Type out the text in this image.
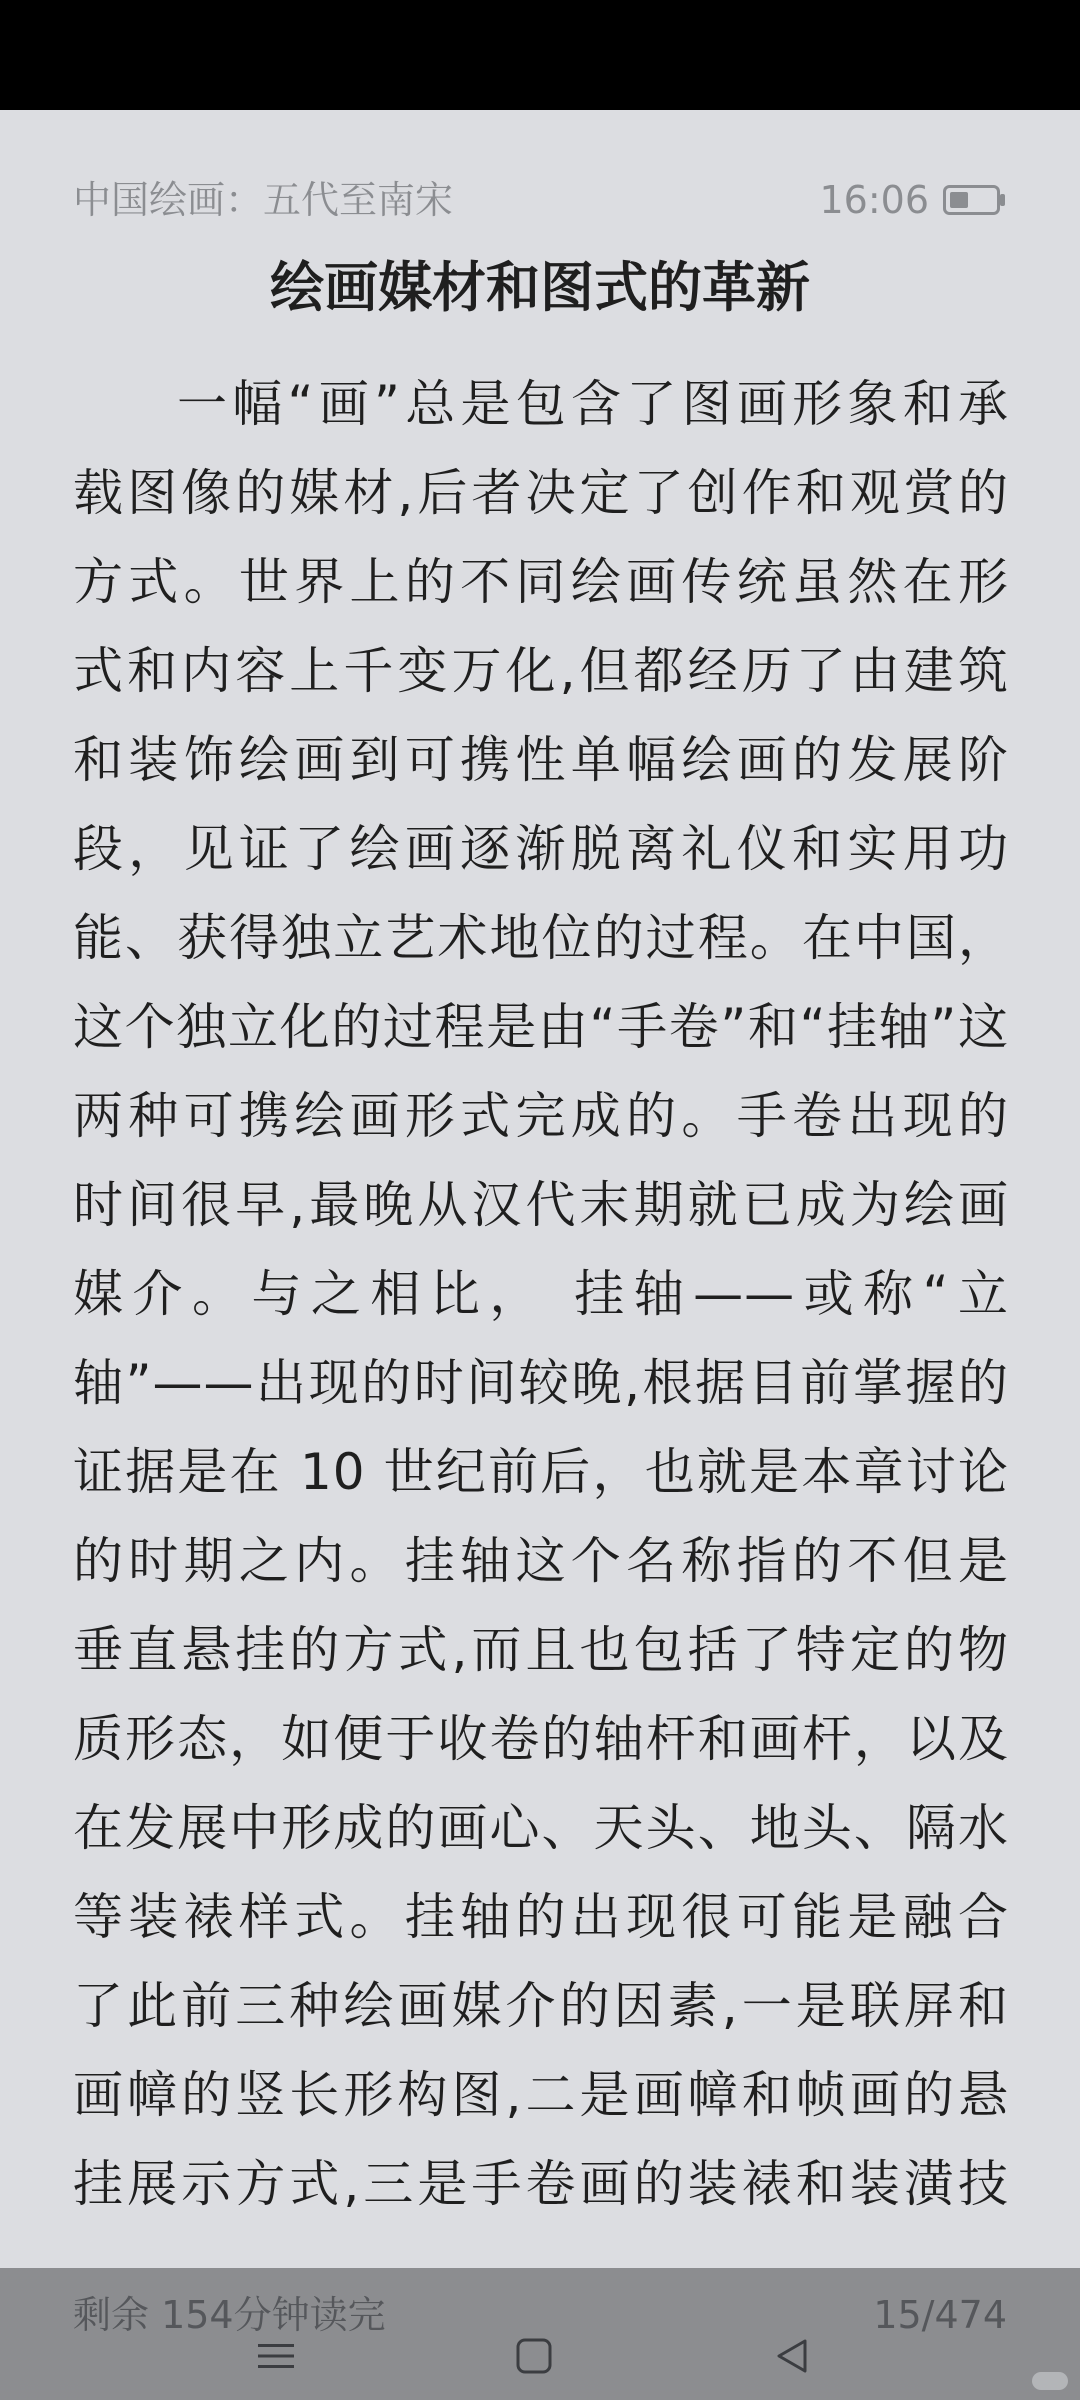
中国绘画：五代至南宋	16:06
绘画媒材和图式的革新
一幅“画”总是包含了图画形象和承
载图像的媒材,后者决定了创作和观赏的
方式。世界上的不同绘画传统虽然在形
式和内容上千变万化,但都经历了由建筑
和装饰绘画到可携性单幅绘画的发展阶
段，见证了绘画逐渐脱离礼仪和实用功
能、获得独立艺术地位的过程。在中国，
这个独立化的过程是由“手卷”和“挂轴”这
两种可携绘画形式完成的。手卷出现的
时间很早,最晚从汉代末期就已成为绘画
媒介。与之相比， 挂轴——或称“立
轴”——出现的时间较晚,根据目前掌握的
证据是在 10 世纪前后，也就是本章讨论
的时期之内。挂轴这个名称指的不但是
垂直悬挂的方式,而且也包括了特定的物
质形态，如便于收卷的轴杆和画杆，以及
在发展中形成的画心、天头、地头、隔水
等装裱样式。挂轴的出现很可能是融合
了此前三种绘画媒介的因素,一是联屏和
画幛的竖长形构图,二是画幛和帧画的悬
挂展示方式,三是手卷画的装裱和装潢技
剩余 154分钟读完	15/474
